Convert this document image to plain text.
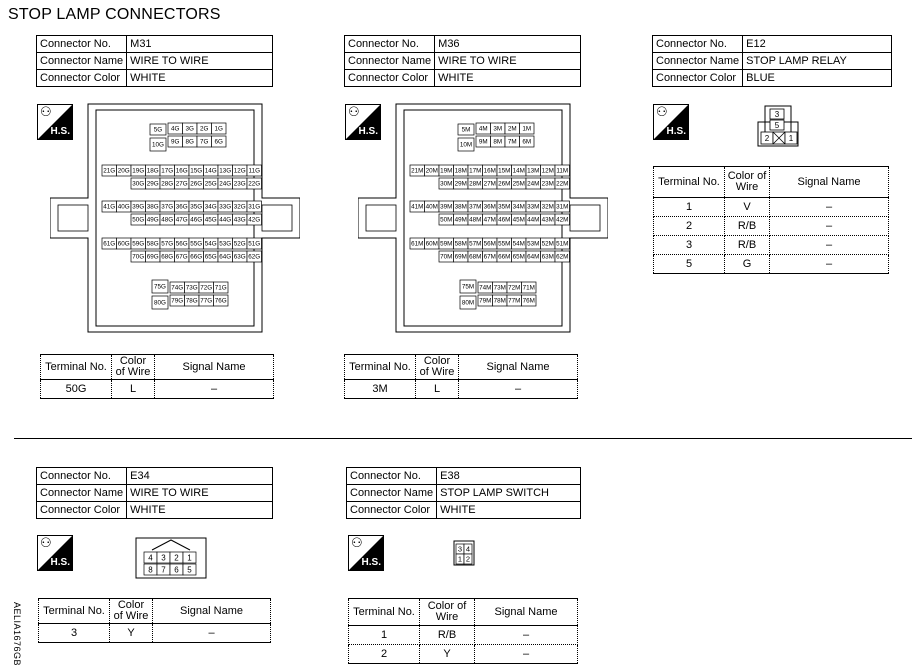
STOP LAMP CONNECTORS
Connector No.	M31
Connector Name	WIRE TO WIRE
Connector Color	WHITE
⚇
H.S.	5G
10G
4G
9G
3G
8G
2G
7G
1G
6G
21G 20G 19G 18G 17G 16G 15G 14G 13G 12G 11G
30G 29G 28G 27G 26G 25G 24G 23G 22G
41G 40G 39G 38G 37G 36G 35G 34G 33G 32G 31G
50G 49G 48G 47G 46G 45G 44G 43G 42G
61G 60G 59G 58G 57G 56G 55G 54G 53G 52G 51G
70G 69G 68G 67G 66G 65G 64G 63G 62G
75G
80G
74G
79G
73G
78G
72G
77G
71G
76G
Terminal No.	Color of Wire	Signal Name
50G	L	–
Connector No.	M36
Connector Name	WIRE TO WIRE
Connector Color	WHITE
⚇
H.S.	5M
10M
4M
9M
3M
8M
2M
7M
1M
6M
21M 20M 19M 18M 17M 16M 15M 14M 13M 12M 11M
30M 29M 28M 27M 26M 25M 24M 23M 22M
41M 40M 39M 38M 37M 36M 35M 34M 33M 32M 31M
50M 49M 48M 47M 46M 45M 44M 43M 42M
61M 60M 59M 58M 57M 56M 55M 54M 53M 52M 51M
70M 69M 68M 67M 66M 65M 64M 63M 62M
75M
80M
74M
79M
73M
78M
72M
77M
71M
76M
Terminal No.	Color of Wire	Signal Name
3M	L	–
Connector No.	E12
Connector Name	STOP LAMP RELAY
Connector Color	BLUE
⚇
H.S.
3
5
2 1
Terminal No.	Color of Wire	Signal Name
1	V	–
2	R/B	–
3	R/B	–
5	G	–
Connector No.	E34
Connector Name	WIRE TO WIRE
Connector Color	WHITE
⚇
H.S.	4 3 2 1
8 7 6 5
Terminal No.	Color of Wire	Signal Name
3	Y	–
Connector No.	E38
Connector Name	STOP LAMP SWITCH
Connector Color	WHITE
⚇
H.S.
3 4
1 2
Terminal No.	Color of Wire	Signal Name
1	R/B	–
2	Y	–
AELIA1676GB
